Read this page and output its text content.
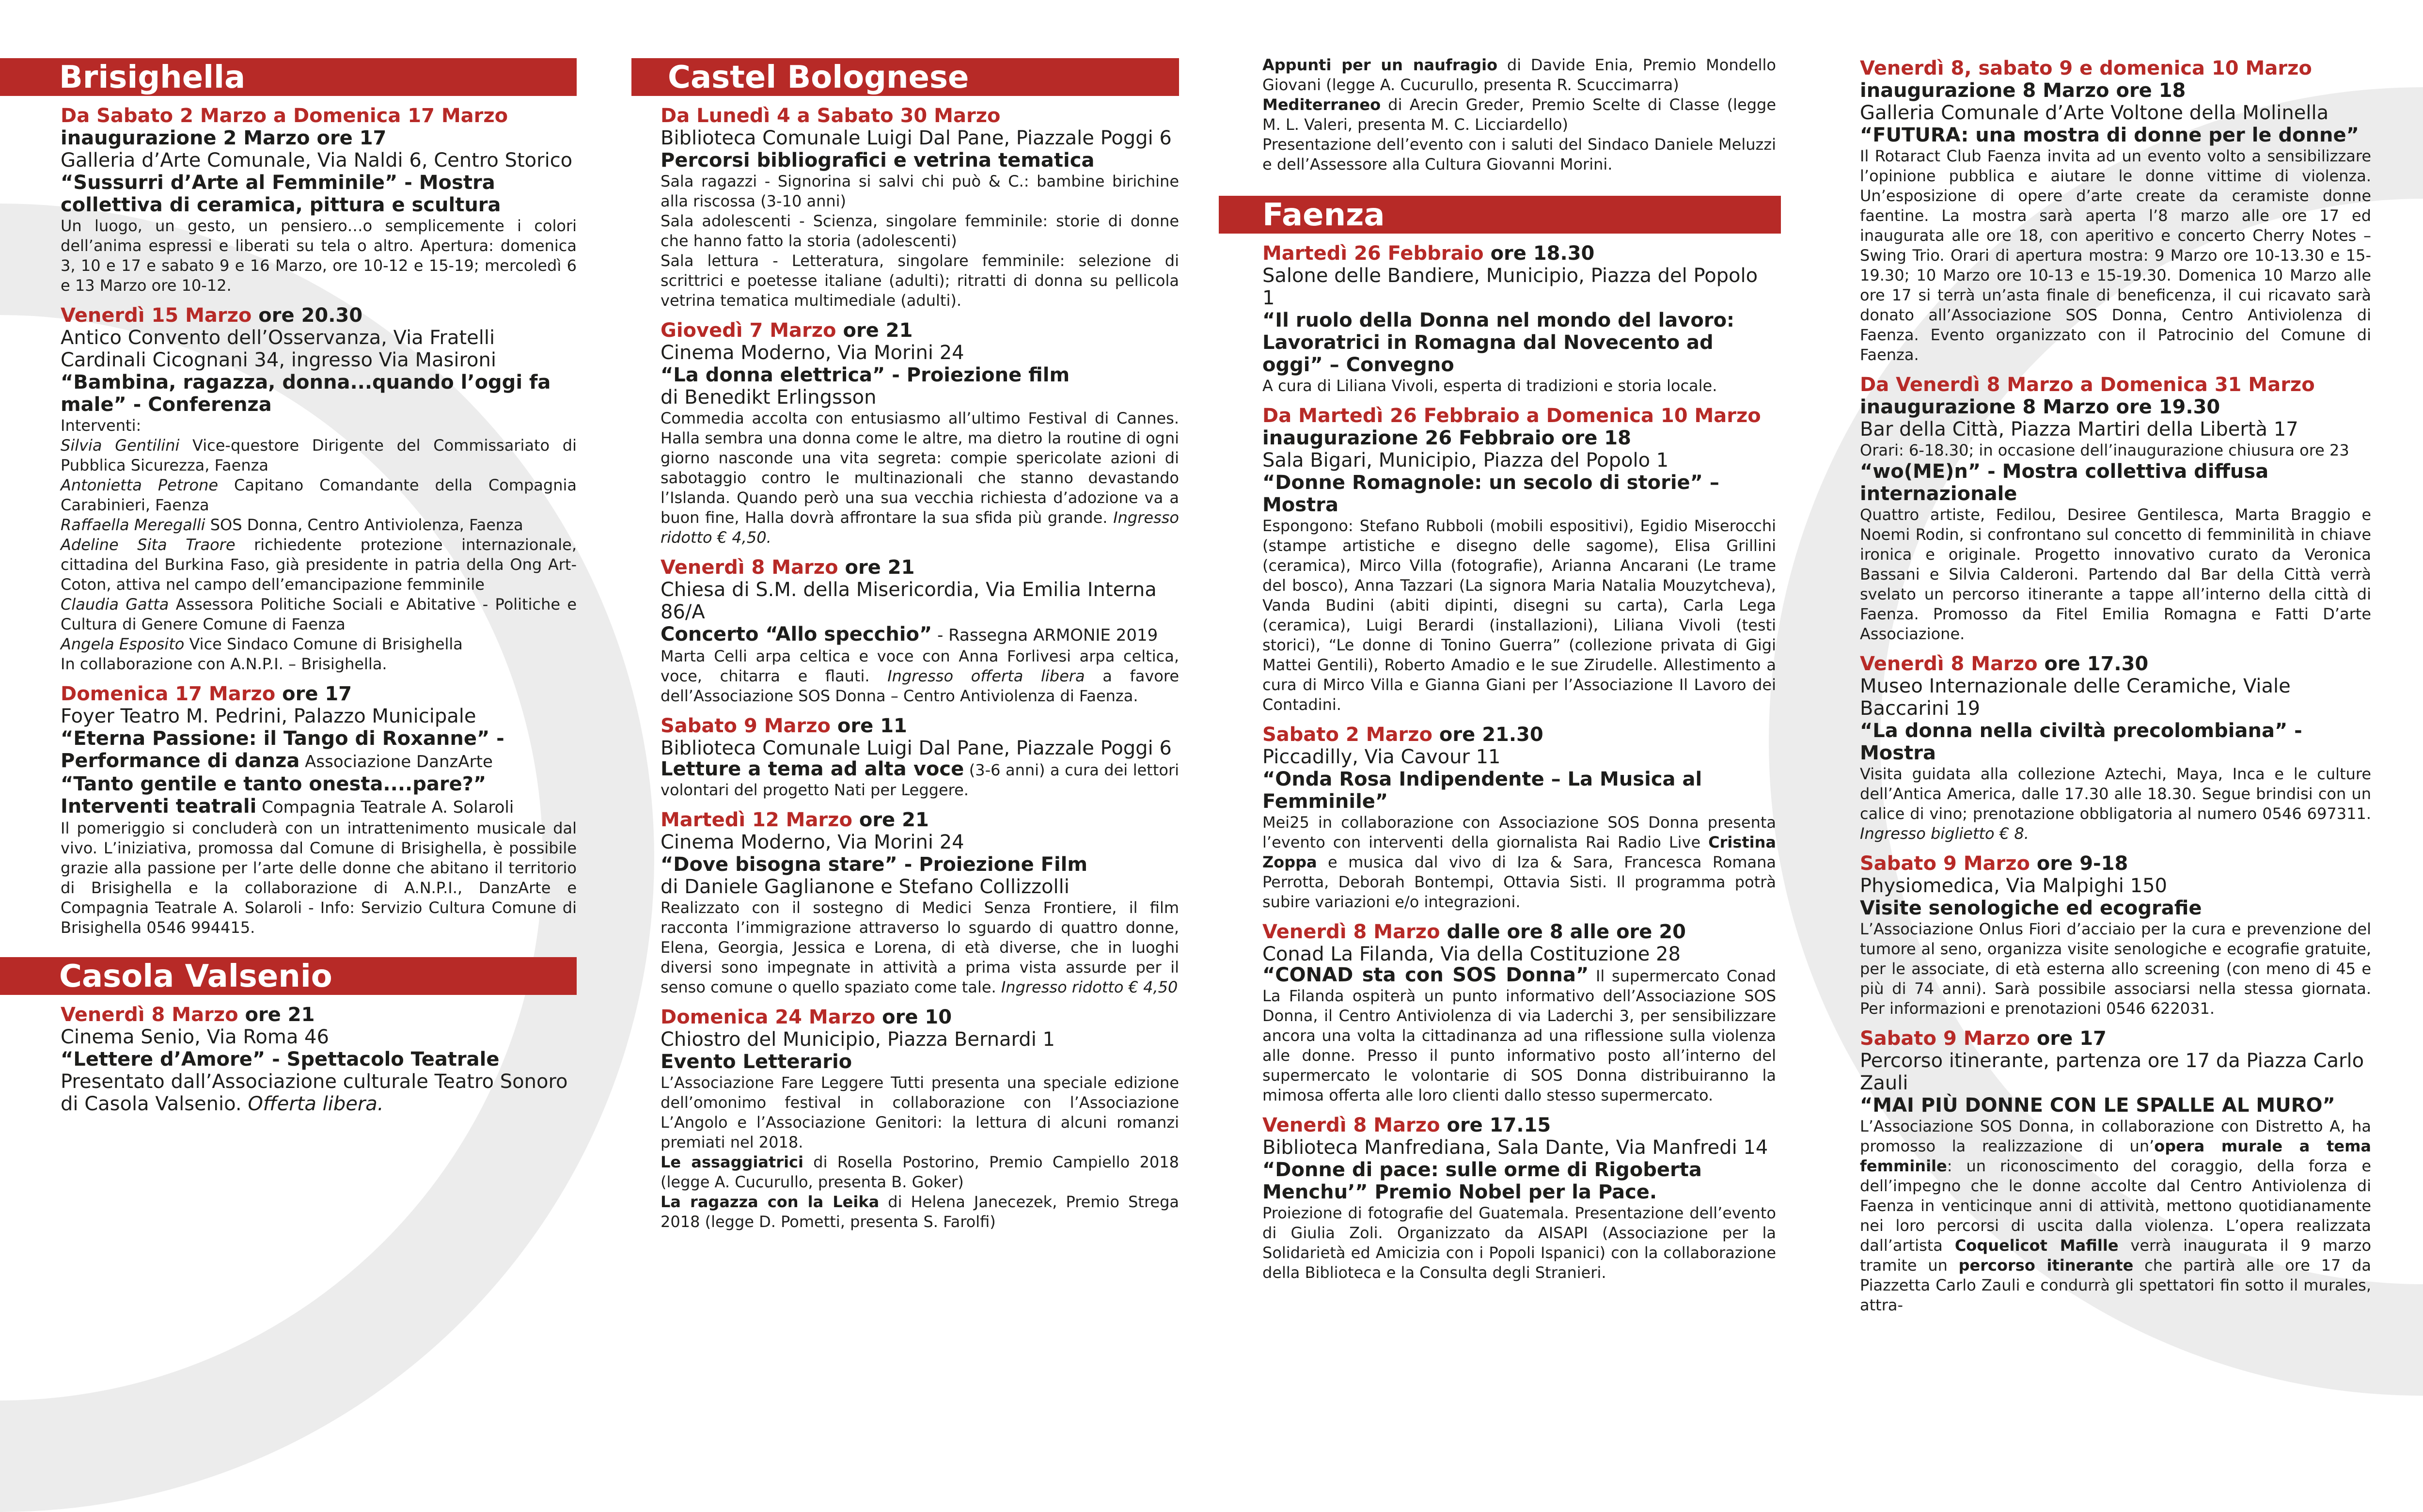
Brisighella
Da Sabato 2 Marzo a Domenica 17 Marzo
inaugurazione 2 Marzo ore 17
Galleria d’Arte Comunale, Via Naldi 6, Centro Storico
“Sussurri d’Arte al Femminile” - Mostra collettiva di ceramica, pittura e scultura
Un luogo, un gesto, un pensiero…o semplicemente i colori dell’anima espressi e liberati su tela o altro. Apertura: domenica 3, 10 e 17 e sabato 9 e 16 Marzo, ore 10-12 e 15-19; mercoledì 6 e 13 Marzo ore 10-12.
Venerdì 15 Marzo ore 20.30
Antico Convento dell’Osservanza, Via Fratelli Cardinali Cicognani 34, ingresso Via Masironi
“Bambina, ragazza, donna...quando l’oggi fa male” - Conferenza
Interventi:
Silvia Gentilini Vice-questore Dirigente del Commissariato di Pubblica Sicurezza, Faenza
Antonietta Petrone Capitano Comandante della Compagnia Carabinieri, Faenza
Raffaella Meregalli SOS Donna, Centro Antiviolenza, Faenza
Adeline Sita Traore richiedente protezione internazionale, cittadina del Burkina Faso, già presidente in patria della Ong Art-Coton, attiva nel campo dell’emancipazione femminile
Claudia Gatta Assessora Politiche Sociali e Abitative - Politiche e Cultura di Genere Comune di Faenza
Angela Esposito Vice Sindaco Comune di Brisighella
In collaborazione con A.N.P.I. – Brisighella.
Domenica 17 Marzo ore 17
Foyer Teatro M. Pedrini, Palazzo Municipale
“Eterna Passione: il Tango di Roxanne” - Performance di danza Associazione DanzArte
“Tanto gentile e tanto onesta....pare?” Interventi teatrali Compagnia Teatrale A. Solaroli
Il pomeriggio si concluderà con un intrattenimento musicale dal vivo. L’iniziativa, promossa dal Comune di Brisighella, è possibile grazie alla passione per l’arte delle donne che abitano il territorio di Brisighella e la collaborazione di A.N.P.I., DanzArte e Compagnia Teatrale A. Solaroli - Info: Servizio Cultura Comune di Brisighella 0546 994415.
Casola Valsenio
Venerdì 8 Marzo ore 21
Cinema Senio, Via Roma 46
“Lettere d’Amore” - Spettacolo Teatrale
Presentato dall’Associazione culturale Teatro Sonoro di Casola Valsenio. Offerta libera.
Castel Bolognese
Da Lunedì 4 a Sabato 30 Marzo
Biblioteca Comunale Luigi Dal Pane, Piazzale Poggi 6
Percorsi bibliografici e vetrina tematica
Sala ragazzi - Signorina si salvi chi può & C.: bambine birichine alla riscossa (3-10 anni)
Sala adolescenti - Scienza, singolare femminile: storie di donne che hanno fatto la storia (adolescenti)
Sala lettura - Letteratura, singolare femminile: selezione di scrittrici e poetesse italiane (adulti); ritratti di donna su pellicola vetrina tematica multimediale (adulti).
Giovedì 7 Marzo ore 21
Cinema Moderno, Via Morini 24
“La donna elettrica” - Proiezione film
di Benedikt Erlingsson
Commedia accolta con entusiasmo all’ultimo Festival di Cannes. Halla sembra una donna come le altre, ma dietro la routine di ogni giorno nasconde una vita segreta: compie spericolate azioni di sabotaggio contro le multinazionali che stanno devastando l’Islanda. Quando però una sua vecchia richiesta d’adozione va a buon fine, Halla dovrà affrontare la sua sfida più grande. Ingresso ridotto € 4,50.
Venerdì 8 Marzo ore 21
Chiesa di S.M. della Misericordia, Via Emilia Interna 86/A
Concerto “Allo specchio” - Rassegna ARMONIE 2019
Marta Celli arpa celtica e voce con Anna Forlivesi arpa celtica, voce, chitarra e flauti. Ingresso offerta libera a favore dell’Associazione SOS Donna – Centro Antiviolenza di Faenza.
Sabato 9 Marzo ore 11
Biblioteca Comunale Luigi Dal Pane, Piazzale Poggi 6
Letture a tema ad alta voce (3-6 anni) a cura dei lettori volontari del progetto Nati per Leggere.
Martedì 12 Marzo ore 21
Cinema Moderno, Via Morini 24
“Dove bisogna stare” - Proiezione Film
di Daniele Gaglianone e Stefano Collizzolli
Realizzato con il sostegno di Medici Senza Frontiere, il film racconta l’immigrazione attraverso lo sguardo di quattro donne, Elena, Georgia, Jessica e Lorena, di età diverse, che in luoghi diversi sono impegnate in attività a prima vista assurde per il senso comune o quello spaziato come tale. Ingresso ridotto € 4,50
Domenica 24 Marzo ore 10
Chiostro del Municipio, Piazza Bernardi 1
Evento Letterario
L’Associazione Fare Leggere Tutti presenta una speciale edizione dell’omonimo festival in collaborazione con l’Associazione L’Angolo e l’Associazione Genitori: la lettura di alcuni romanzi premiati nel 2018.
Le assaggiatrici di Rosella Postorino, Premio Campiello 2018 (legge A. Cucurullo, presenta B. Goker)
La ragazza con la Leika di Helena Janecezek, Premio Strega 2018 (legge D. Pometti, presenta S. Farolfi)
Appunti per un naufragio di Davide Enia, Premio Mondello Giovani (legge A. Cucurullo, presenta R. Scuccimarra)
Mediterraneo di Arecin Greder, Premio Scelte di Classe (legge M. L. Valeri, presenta M. C. Licciardello)
Presentazione dell’evento con i saluti del Sindaco Daniele Meluzzi e dell’Assessore alla Cultura Giovanni Morini.
Faenza
Martedì 26 Febbraio ore 18.30
Salone delle Bandiere, Municipio, Piazza del Popolo 1
“Il ruolo della Donna nel mondo del lavoro: Lavoratrici in Romagna dal Novecento ad oggi” – Convegno
A cura di Liliana Vivoli, esperta di tradizioni e storia locale.
Da Martedì 26 Febbraio a Domenica 10 Marzo
inaugurazione 26 Febbraio ore 18
Sala Bigari, Municipio, Piazza del Popolo 1
“Donne Romagnole: un secolo di storie” – Mostra
Espongono: Stefano Rubboli (mobili espositivi), Egidio Miserocchi (stampe artistiche e disegno delle sagome), Elisa Grillini (ceramica), Mirco Villa (fotografie), Arianna Ancarani (Le trame del bosco), Anna Tazzari (La signora Maria Natalia Mouzytcheva), Vanda Budini (abiti dipinti, disegni su carta), Carla Lega (ceramica), Luigi Berardi (installazioni), Liliana Vivoli (testi storici), “Le donne di Tonino Guerra” (collezione privata di Gigi Mattei Gentili), Roberto Amadio e le sue Zirudelle. Allestimento a cura di Mirco Villa e Gianna Giani per l’Associazione Il Lavoro dei Contadini.
Sabato 2 Marzo ore 21.30
Piccadilly, Via Cavour 11
“Onda Rosa Indipendente – La Musica al Femminile”
Mei25 in collaborazione con Associazione SOS Donna presenta l’evento con interventi della giornalista Rai Radio Live Cristina Zoppa e musica dal vivo di Iza & Sara, Francesca Romana Perrotta, Deborah Bontempi, Ottavia Sisti. Il programma potrà subire variazioni e/o integrazioni.
Venerdì 8 Marzo dalle ore 8 alle ore 20
Conad La Filanda, Via della Costituzione 28
“CONAD sta con SOS Donna” Il supermercato Conad La Filanda ospiterà un punto informativo dell’Associazione SOS Donna, il Centro Antiviolenza di via Laderchi 3, per sensibilizzare ancora una volta la cittadinanza ad una riflessione sulla violenza alle donne. Presso il punto informativo posto all’interno del supermercato le volontarie di SOS Donna distribuiranno la mimosa offerta alle loro clienti dallo stesso supermercato.
Venerdì 8 Marzo ore 17.15
Biblioteca Manfrediana, Sala Dante, Via Manfredi 14
“Donne di pace: sulle orme di Rigoberta Menchu’” Premio Nobel per la Pace.
Proiezione di fotografie del Guatemala. Presentazione dell’evento di Giulia Zoli. Organizzato da AISAPI (Associazione per la Solidarietà ed Amicizia con i Popoli Ispanici) con la collaborazione della Biblioteca e la Consulta degli Stranieri.
Venerdì 8, sabato 9 e domenica 10 Marzo
inaugurazione 8 Marzo ore 18
Galleria Comunale d’Arte Voltone della Molinella
“FUTURA: una mostra di donne per le donne”
Il Rotaract Club Faenza invita ad un evento volto a sensibilizzare l’opinione pubblica e aiutare le donne vittime di violenza. Un’esposizione di opere d’arte create da ceramiste donne faentine. La mostra sarà aperta l’8 marzo alle ore 17 ed inaugurata alle ore 18, con aperitivo e concerto Cherry Notes – Swing Trio. Orari di apertura mostra: 9 Marzo ore 10-13.30 e 15-19.30; 10 Marzo ore 10-13 e 15-19.30. Domenica 10 Marzo alle ore 17 si terrà un’asta finale di beneficenza, il cui ricavato sarà donato all’Associazione SOS Donna, Centro Antiviolenza di Faenza. Evento organizzato con il Patrocinio del Comune di Faenza.
Da Venerdì 8 Marzo a Domenica 31 Marzo
inaugurazione 8 Marzo ore 19.30
Bar della Città, Piazza Martiri della Libertà 17
Orari: 6-18.30; in occasione dell’inaugurazione chiusura ore 23
“wo(ME)n” - Mostra collettiva diffusa internazionale
Quattro artiste, Fedilou, Desiree Gentilesca, Marta Braggio e Noemi Rodin, si confrontano sul concetto di femminilità in chiave ironica e originale. Progetto innovativo curato da Veronica Bassani e Silvia Calderoni. Partendo dal Bar della Città verrà svelato un percorso itinerante a tappe all’interno della città di Faenza. Promosso da Fitel Emilia Romagna e Fatti D’arte Associazione.
Venerdì 8 Marzo ore 17.30
Museo Internazionale delle Ceramiche, Viale Baccarini 19
“La donna nella civiltà precolombiana” - Mostra
Visita guidata alla collezione Aztechi, Maya, Inca e le culture dell’Antica America, dalle 17.30 alle 18.30. Segue brindisi con un calice di vino; prenotazione obbligatoria al numero 0546 697311. Ingresso biglietto € 8.
Sabato 9 Marzo ore 9-18
Physiomedica, Via Malpighi 150
Visite senologiche ed ecografie
L’Associazione Onlus Fiori d’acciaio per la cura e prevenzione del tumore al seno, organizza visite senologiche e ecografie gratuite, per le associate, di età esterna allo screening (con meno di 45 e più di 74 anni). Sarà possibile associarsi nella stessa giornata. Per informazioni e prenotazioni 0546 622031.
Sabato 9 Marzo ore 17
Percorso itinerante, partenza ore 17 da Piazza Carlo Zauli
“MAI PIÙ DONNE CON LE SPALLE AL MURO”
L’Associazione SOS Donna, in collaborazione con Distretto A, ha promosso la realizzazione di un’opera murale a tema femminile: un riconoscimento del coraggio, della forza e dell’impegno che le donne accolte dal Centro Antiviolenza di Faenza in venticinque anni di attività, mettono quotidianamente nei loro percorsi di uscita dalla violenza. L’opera realizzata dall’artista Coquelicot Mafille verrà inaugurata il 9 marzo tramite un percorso itinerante che partirà alle ore 17 da Piazzetta Carlo Zauli e condurrà gli spettatori fin sotto il murales, attra-
